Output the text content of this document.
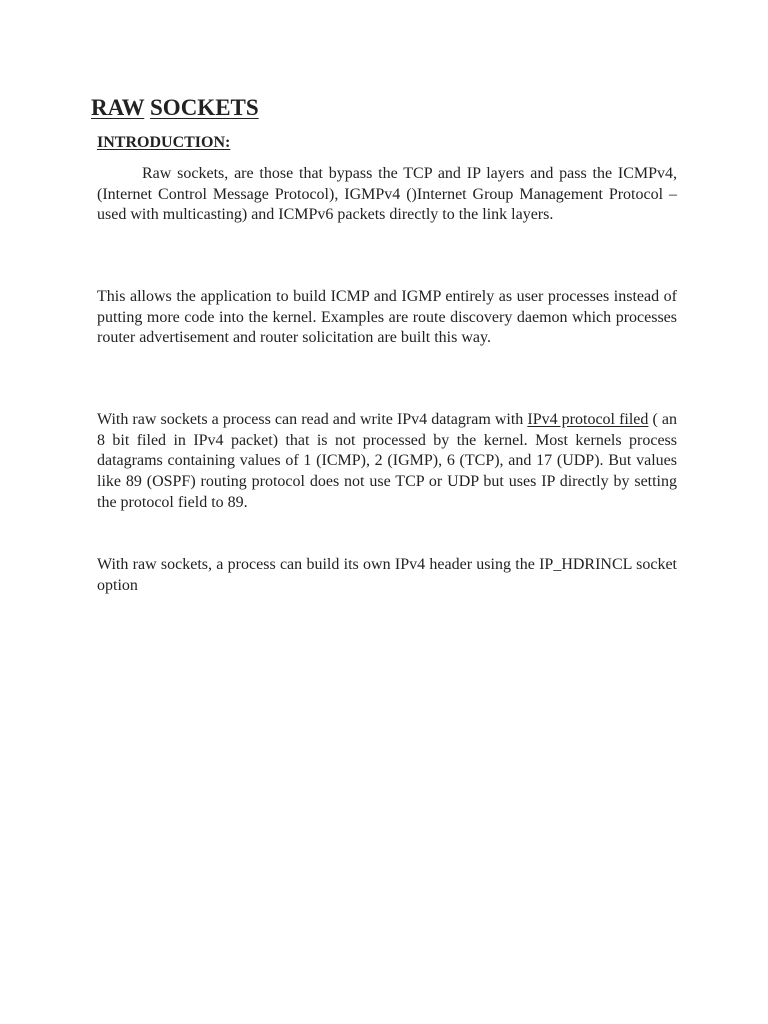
RAW SOCKETS
INTRODUCTION:

Raw sockets, are those that bypass the TCP and IP layers and pass the ICMPv4, (Internet Control Message Protocol), IGMPv4 ()Internet Group Management Protocol – used with multicasting) and ICMPv6 packets directly to the link layers.

This allows the application to build ICMP and IGMP entirely as user processes instead of putting more code into the kernel. Examples are route discovery daemon which processes router advertisement and router solicitation are built this way.

With raw sockets a process can read and write IPv4 datagram with IPv4 protocol filed ( an 8 bit filed in IPv4 packet) that is not processed by the kernel. Most kernels process datagrams containing values of 1 (ICMP), 2 (IGMP), 6 (TCP), and 17 (UDP). But values like 89 (OSPF) routing protocol does not use TCP or UDP but uses IP directly by setting the protocol field to 89.

With raw sockets, a process can build its own IPv4 header using the IP_HDRINCL socket option
